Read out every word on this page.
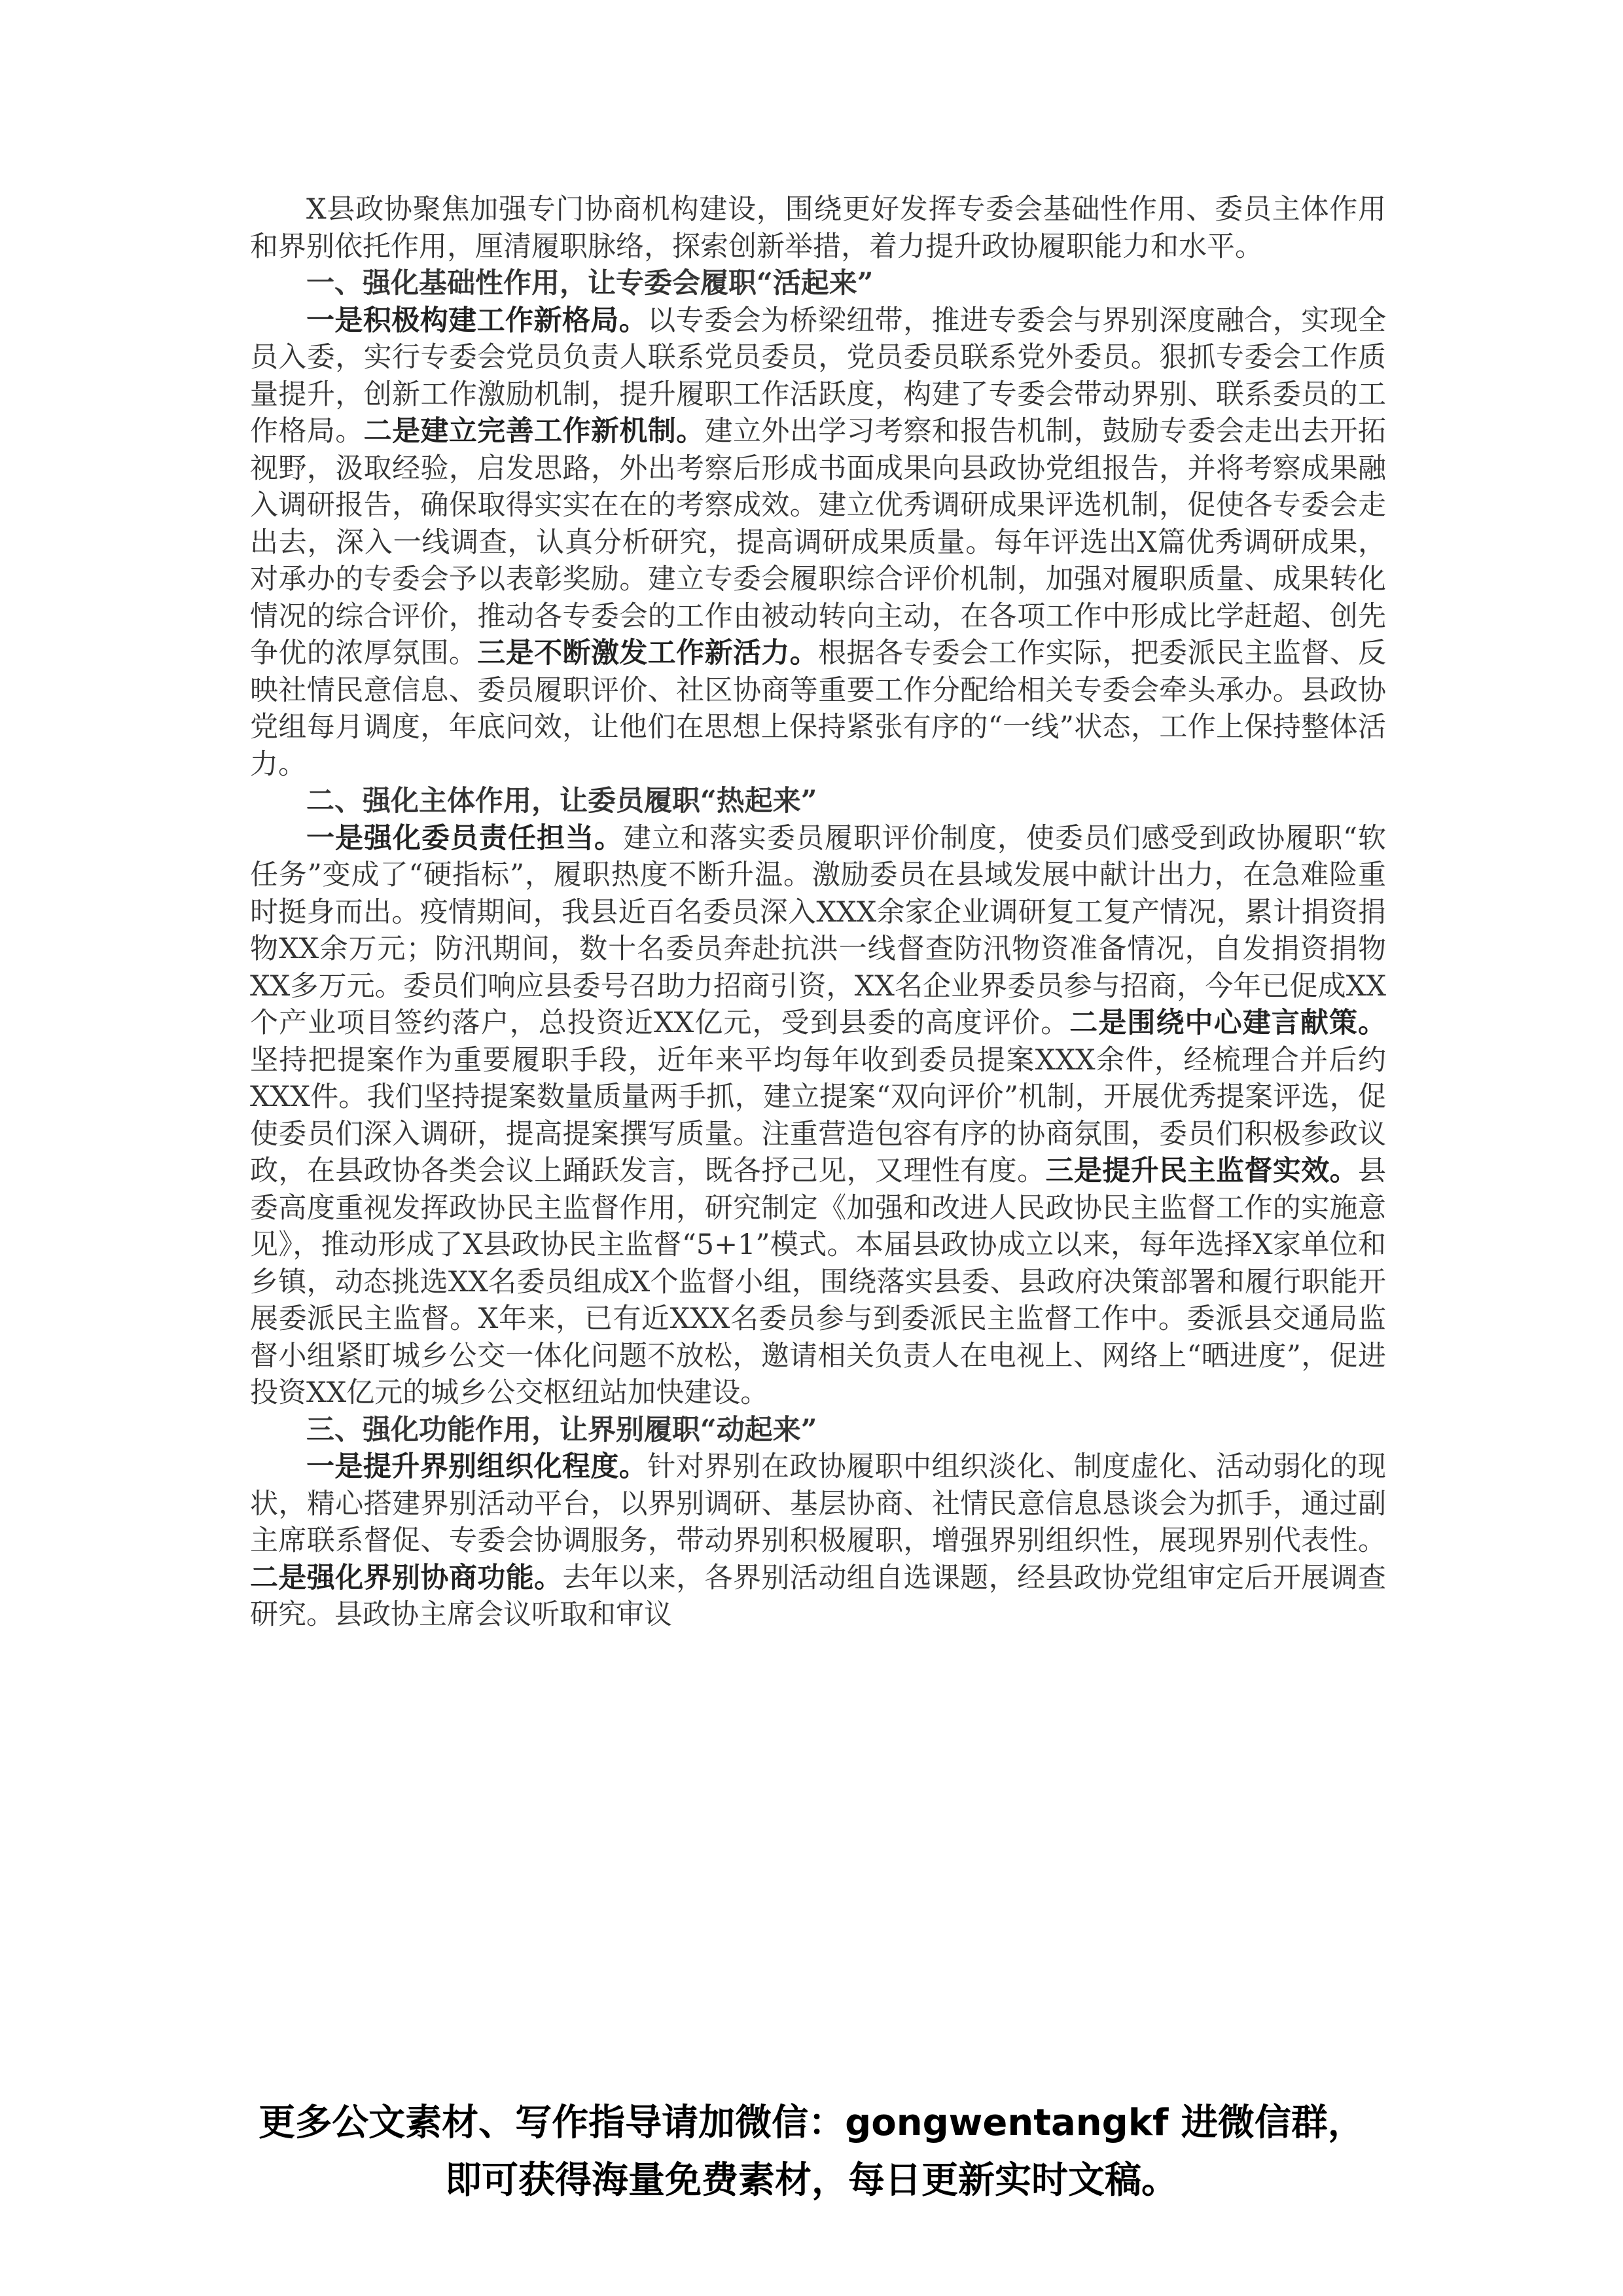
X县政协聚焦加强专门协商机构建设，围绕更好发挥专委会基础性作用、委员主体作用和界别依托作用，厘清履职脉络，探索创新举措，着力提升政协履职能力和水平。

一、强化基础性作用，让专委会履职“活起来”

一是积极构建工作新格局。以专委会为桥梁纽带，推进专委会与界别深度融合，实现全员入委，实行专委会党员负责人联系党员委员，党员委员联系党外委员。狠抓专委会工作质量提升，创新工作激励机制，提升履职工作活跃度，构建了专委会带动界别、联系委员的工作格局。二是建立完善工作新机制。建立外出学习考察和报告机制，鼓励专委会走出去开拓视野，汲取经验，启发思路，外出考察后形成书面成果向县政协党组报告，并将考察成果融入调研报告，确保取得实实在在的考察成效。建立优秀调研成果评选机制，促使各专委会走出去，深入一线调查，认真分析研究，提高调研成果质量。每年评选出X篇优秀调研成果，对承办的专委会予以表彰奖励。建立专委会履职综合评价机制，加强对履职质量、成果转化情况的综合评价，推动各专委会的工作由被动转向主动，在各项工作中形成比学赶超、创先争优的浓厚氛围。三是不断激发工作新活力。根据各专委会工作实际，把委派民主监督、反映社情民意信息、委员履职评价、社区协商等重要工作分配给相关专委会牵头承办。县政协党组每月调度，年底问效，让他们在思想上保持紧张有序的“一线”状态，工作上保持整体活力。

二、强化主体作用，让委员履职“热起来”

一是强化委员责任担当。建立和落实委员履职评价制度，使委员们感受到政协履职“软任务”变成了“硬指标”，履职热度不断升温。激励委员在县域发展中献计出力，在急难险重时挺身而出。疫情期间，我县近百名委员深入XXX余家企业调研复工复产情况，累计捐资捐物XX余万元；防汛期间，数十名委员奔赴抗洪一线督查防汛物资准备情况，自发捐资捐物XX多万元。委员们响应县委号召助力招商引资，XX名企业界委员参与招商，今年已促成XX个产业项目签约落户，总投资近XX亿元，受到县委的高度评价。二是围绕中心建言献策。坚持把提案作为重要履职手段，近年来平均每年收到委员提案XXX余件，经梳理合并后约XXX件。我们坚持提案数量质量两手抓，建立提案“双向评价”机制，开展优秀提案评选，促使委员们深入调研，提高提案撰写质量。注重营造包容有序的协商氛围，委员们积极参政议政，在县政协各类会议上踊跃发言，既各抒己见，又理性有度。三是提升民主监督实效。县委高度重视发挥政协民主监督作用，研究制定《加强和改进人民政协民主监督工作的实施意见》，推动形成了X县政协民主监督“5+1”模式。本届县政协成立以来，每年选择X家单位和乡镇，动态挑选XX名委员组成X个监督小组，围绕落实县委、县政府决策部署和履行职能开展委派民主监督。X年来，已有近XXX名委员参与到委派民主监督工作中。委派县交通局监督小组紧盯城乡公交一体化问题不放松，邀请相关负责人在电视上、网络上“晒进度”，促进投资XX亿元的城乡公交枢纽站加快建设。

三、强化功能作用，让界别履职“动起来”

一是提升界别组织化程度。针对界别在政协履职中组织淡化、制度虚化、活动弱化的现状，精心搭建界别活动平台，以界别调研、基层协商、社情民意信息恳谈会为抓手，通过副主席联系督促、专委会协调服务，带动界别积极履职，增强界别组织性，展现界别代表性。二是强化界别协商功能。去年以来，各界别活动组自选课题，经县政协党组审定后开展调查研究。县政协主席会议听取和审议

更多公文素材、写作指导请加微信：gongwentangkf 进微信群，
即可获得海量免费素材，每日更新实时文稿。
